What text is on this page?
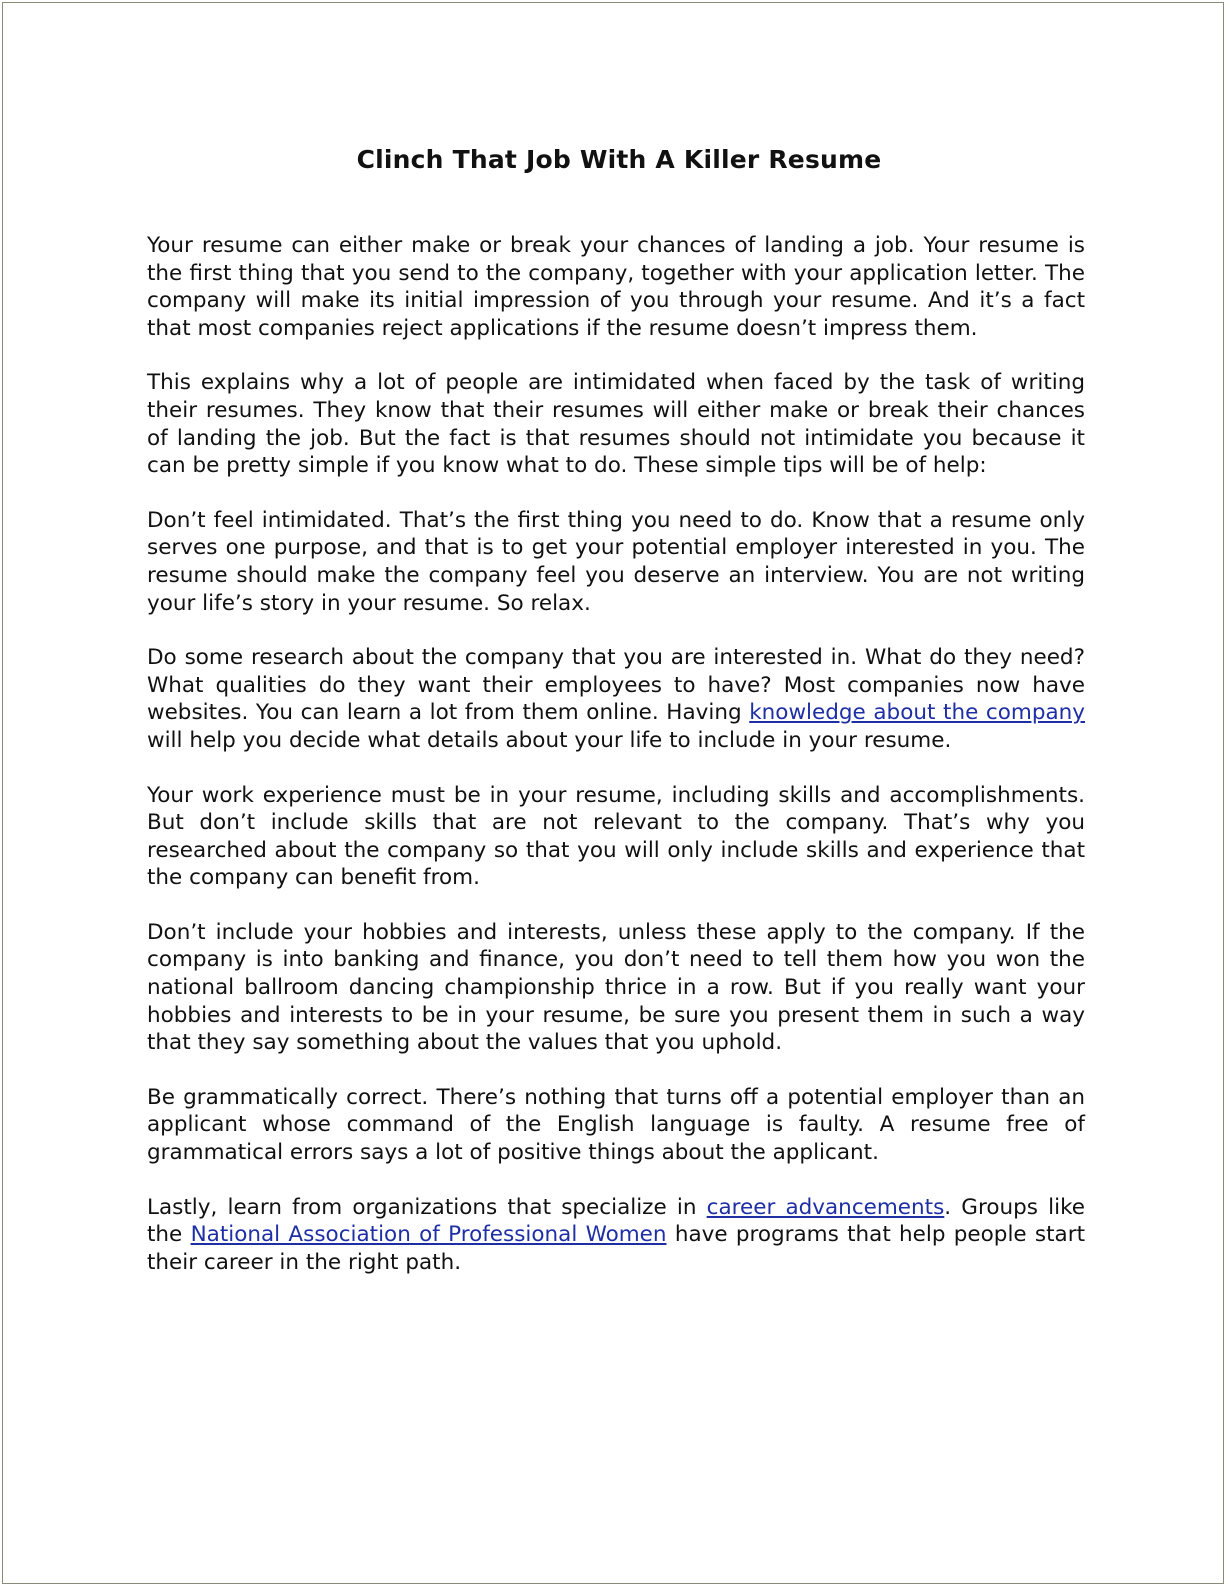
Clinch That Job With A Killer Resume

Your resume can either make or break your chances of landing a job. Your resume is the first thing that you send to the company, together with your application letter. The company will make its initial impression of you through your resume. And it’s a fact that most companies reject applications if the resume doesn’t impress them.

This explains why a lot of people are intimidated when faced by the task of writing their resumes. They know that their resumes will either make or break their chances of landing the job. But the fact is that resumes should not intimidate you because it can be pretty simple if you know what to do. These simple tips will be of help:

Don’t feel intimidated. That’s the first thing you need to do. Know that a resume only serves one purpose, and that is to get your potential employer interested in you. The resume should make the company feel you deserve an interview. You are not writing your life’s story in your resume. So relax.

Do some research about the company that you are interested in. What do they need? What qualities do they want their employees to have? Most companies now have websites. You can learn a lot from them online. Having knowledge about the company will help you decide what details about your life to include in your resume.

Your work experience must be in your resume, including skills and accomplishments. But don’t include skills that are not relevant to the company. That’s why you researched about the company so that you will only include skills and experience that the company can benefit from.

Don’t include your hobbies and interests, unless these apply to the company. If the company is into banking and finance, you don’t need to tell them how you won the national ballroom dancing championship thrice in a row. But if you really want your hobbies and interests to be in your resume, be sure you present them in such a way that they say something about the values that you uphold.

Be grammatically correct. There’s nothing that turns off a potential employer than an applicant whose command of the English language is faulty. A resume free of grammatical errors says a lot of positive things about the applicant.

Lastly, learn from organizations that specialize in career advancements. Groups like the National Association of Professional Women have programs that help people start their career in the right path.
